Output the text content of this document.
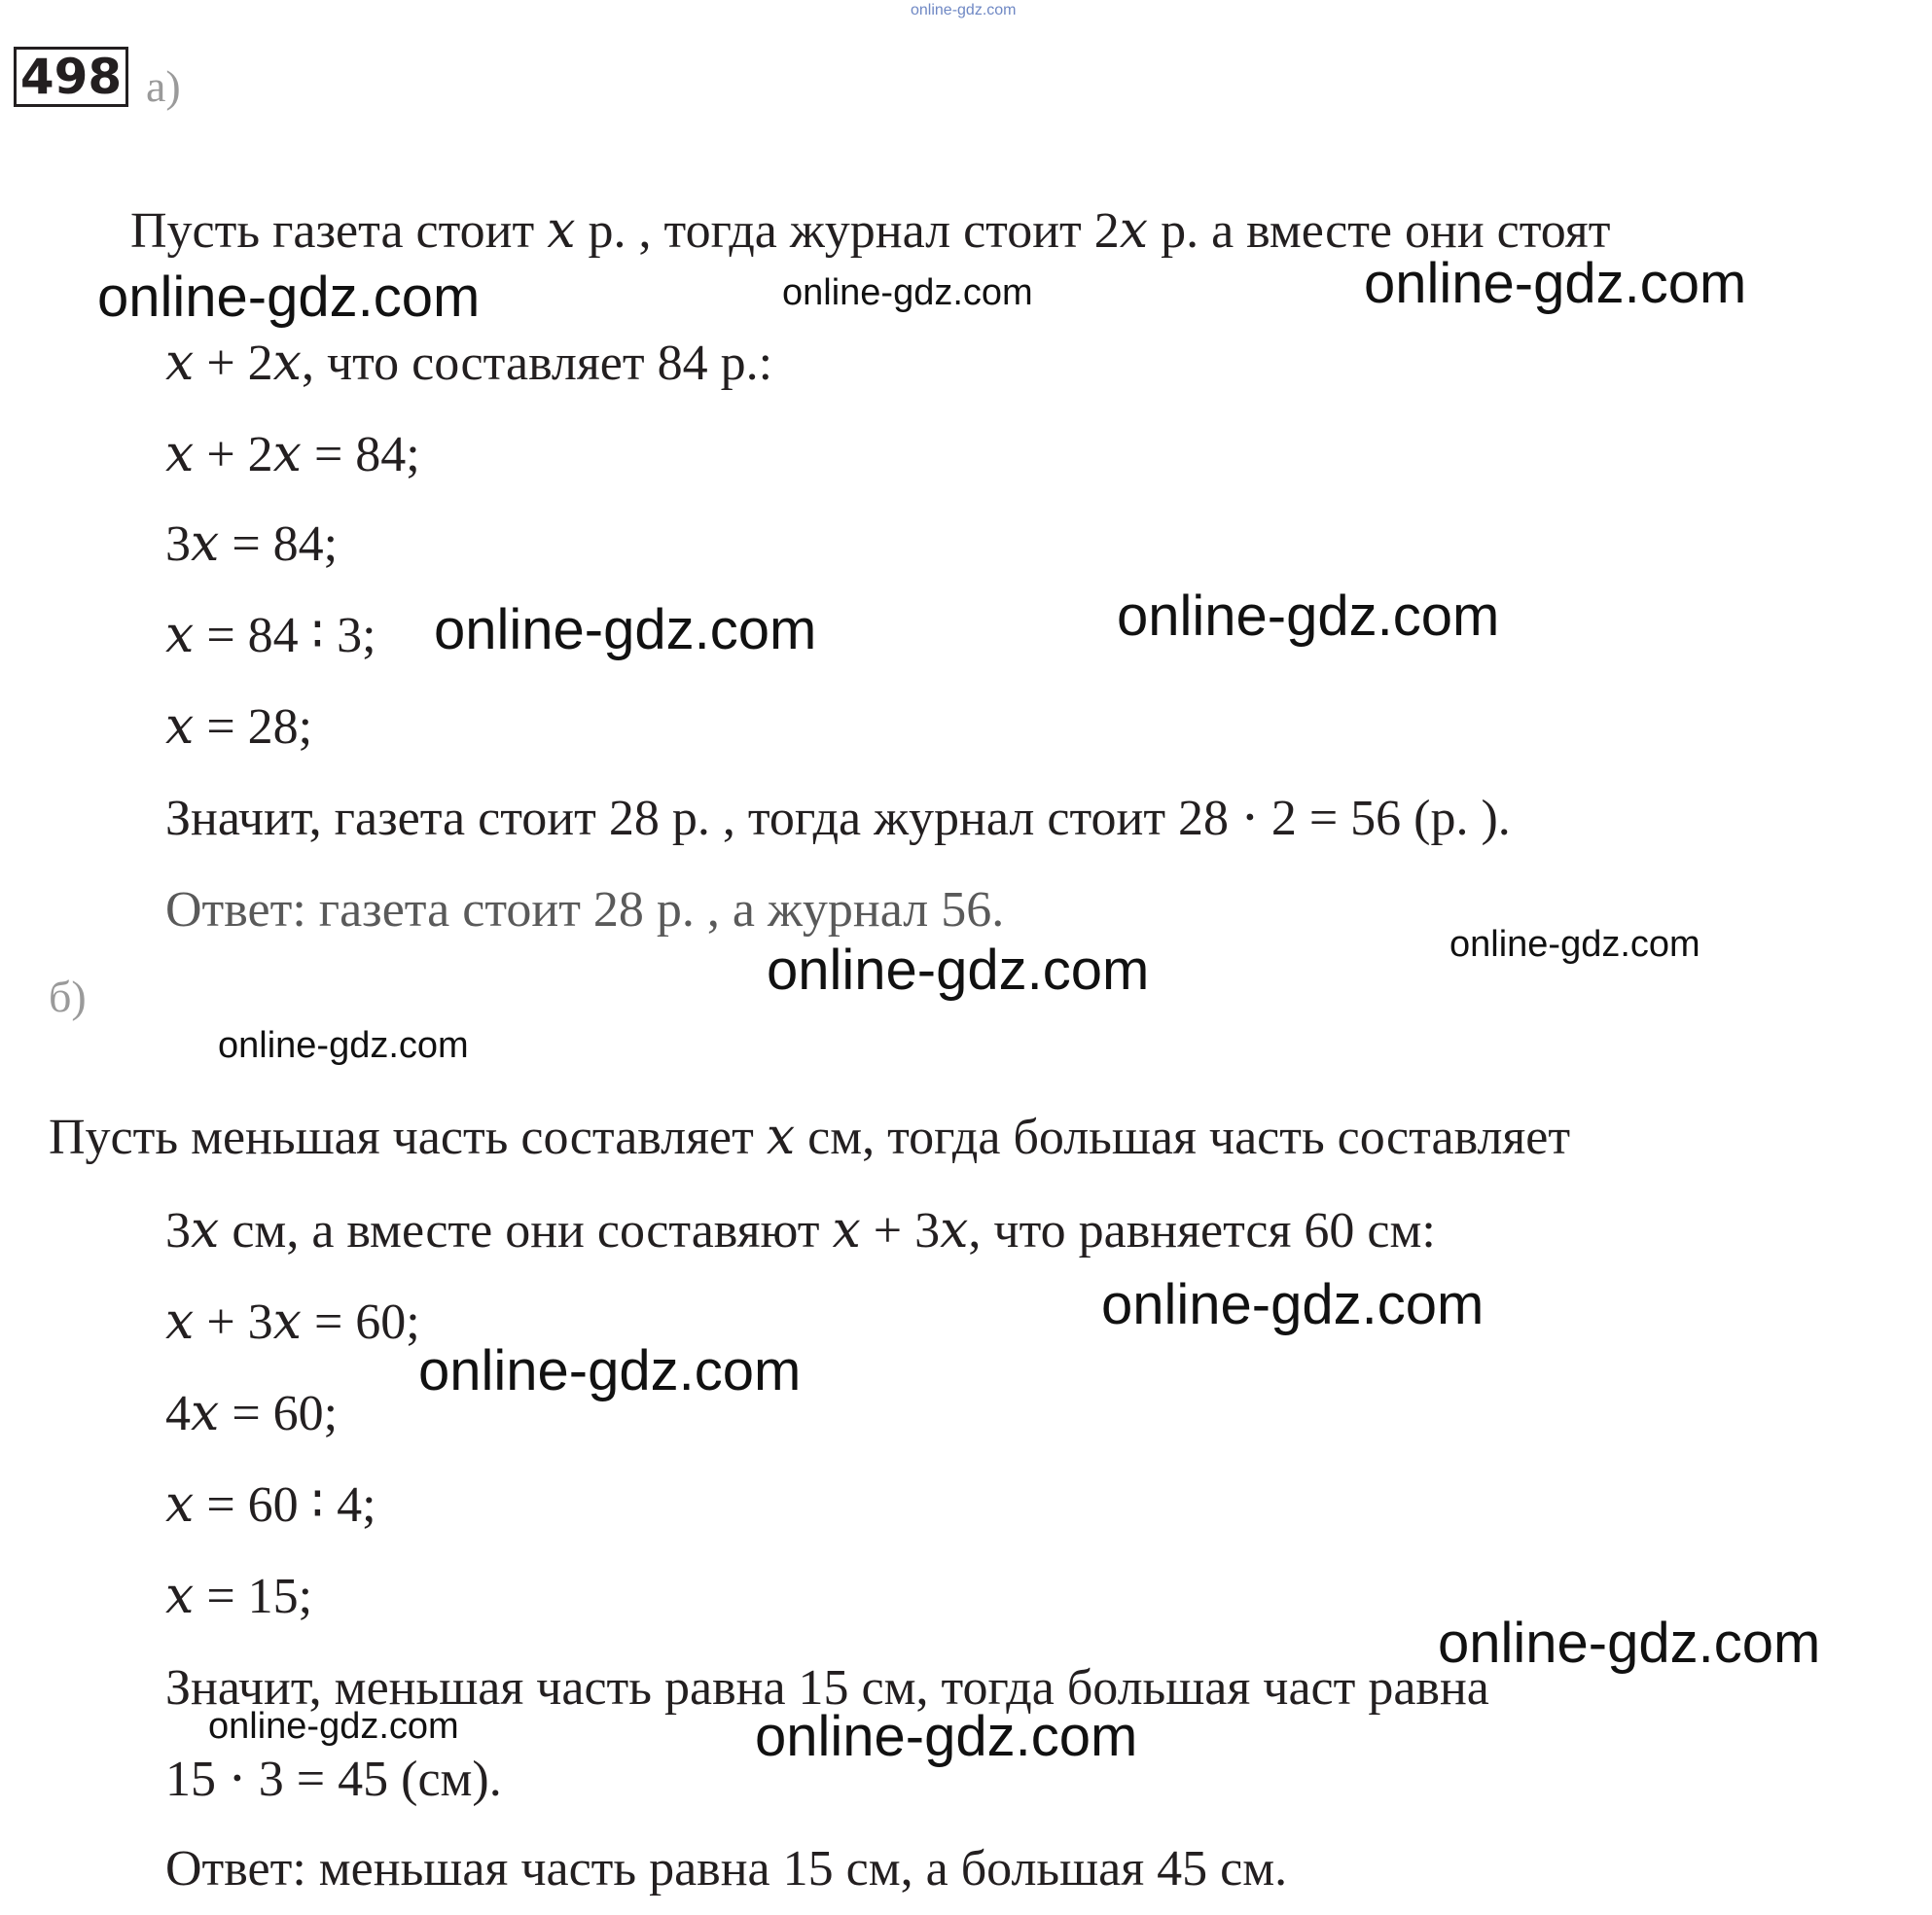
online-gdz.com
498 а)
Пусть газета стоит 𝑥 р. , тогда журнал стоит 2𝑥 р. а вместе они стоят
𝑥 + 2𝑥, что составляет 84 р.:
𝑥 + 2𝑥 = 84;
3𝑥 = 84;
𝑥 = 84 ∶ 3;
𝑥 = 28;
Значит, газета стоит 28 р. , тогда журнал стоит 28 ⋅ 2 = 56 (р. ).
Ответ: газета стоит 28 р. , а журнал 56.
б)
Пусть меньшая часть составляет 𝑥 см, тогда большая часть составляет
3𝑥 см, а вместе они составяют 𝑥 + 3𝑥, что равняется 60 см:
𝑥 + 3𝑥 = 60;
4𝑥 = 60;
𝑥 = 60 ∶ 4;
𝑥 = 15;
Значит, меньшая часть равна 15 см, тогда большая част равна
15 ⋅ 3 = 45 (см).
Ответ: меньшая часть равна 15 см, а большая 45 см.
online-gdz.com	online-gdz.com	online-gdz.com
online-gdz.com	online-gdz.com
online-gdz.com	online-gdz.com
online-gdz.com
online-gdz.com
online-gdz.com
online-gdz.com
online-gdz.com	online-gdz.com
